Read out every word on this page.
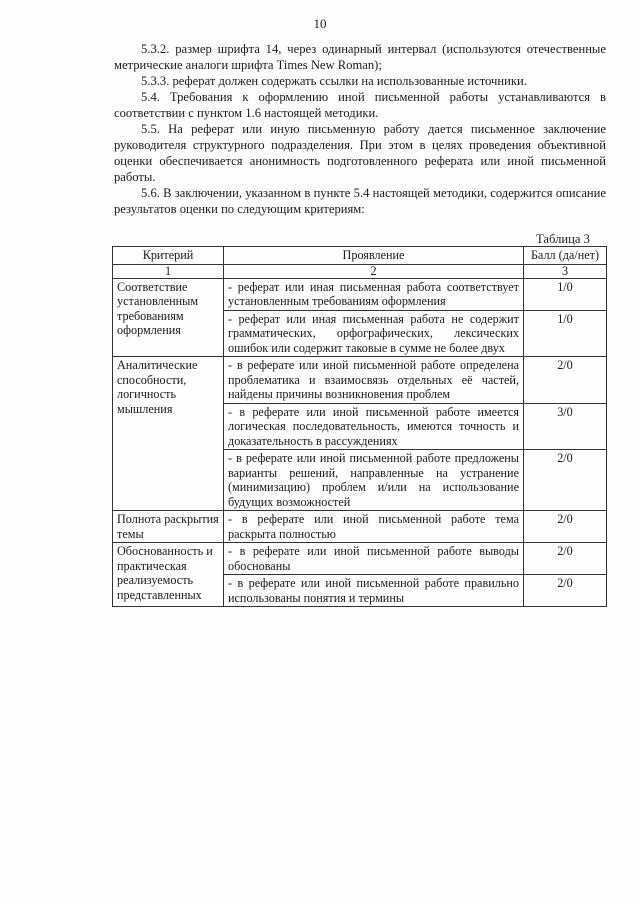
10

5.3.2. размер шрифта 14, через одинарный интервал (используются отечественные метрические аналоги шрифта Times New Roman);

5.3.3. реферат должен содержать ссылки на использованные источники.

5.4. Требования к оформлению иной письменной работы устанавливаются в соответствии с пунктом 1.6 настоящей методики.

5.5. На реферат или иную письменную работу дается письменное заключение руководителя структурного подразделения. При этом в целях проведения объективной оценки обеспечивается анонимность подготовленного реферата или иной письменной работы.

5.6. В заключении, указанном в пункте 5.4 настоящей методики, содержится описание результатов оценки по следующим критериям:

Таблица 3
Критерий	Проявление	Балл (да/нет)
1	2	3
Соответствие установленным требованиям оформления	- реферат или иная письменная работа соответствует установленным требованиям оформления	1/0
	- реферат или иная письменная работа не содержит грамматических, орфографических, лексических ошибок или содержит таковые в сумме не более двух	1/0
Аналитические способности, логичность мышления	- в реферате или иной письменной работе определена проблематика и взаимосвязь отдельных её частей, найдены причины возникновения проблем	2/0
	- в реферате или иной письменной работе имеется логическая последовательность, имеются точность и доказательность в рассуждениях	3/0
	- в реферате или иной письменной работе предложены варианты решений, направленные на устранение (минимизацию) проблем и/или на использование будущих возможностей	2/0
Полнота раскрытия темы	- в реферате или иной письменной работе тема раскрыта полностью	2/0
Обоснованность и практическая реализуемость представленных	- в реферате или иной письменной работе выводы обоснованы	2/0
	- в реферате или иной письменной работе правильно использованы понятия и термины	2/0
